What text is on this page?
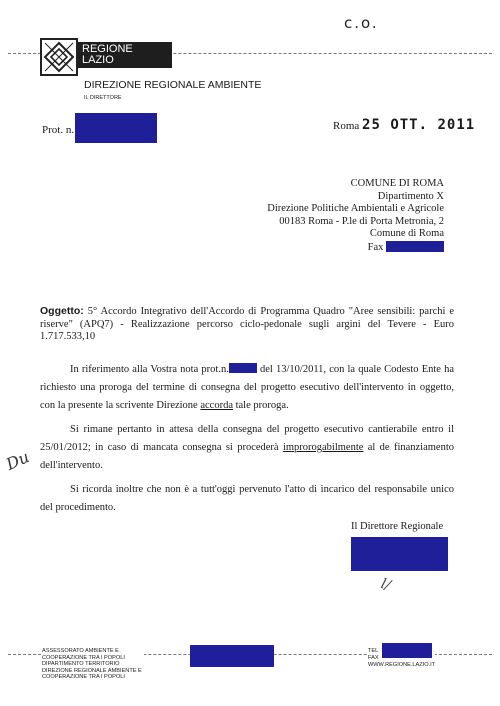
c.o.
REGIONE
LAZIO
DIREZIONE REGIONALE AMBIENTE
IL DIRETTORE
Prot. n.	Roma 25 OTT. 2011
COMUNE DI ROMA
Dipartimento X
Direzione Politiche Ambientali e Agricole
00183 Roma - P.le di Porta Metronia, 2
Comune di Roma
Fax
Oggetto: 5° Accordo Integrativo dell'Accordo di Programma Quadro "Aree sensibili: parchi e riserve" (APQ7) - Realizzazione percorso ciclo-pedonale sugli argini del Tevere - Euro 1.717.533,10

In riferimento alla Vostra nota prot.n.	del 13/10/2011, con la quale Codesto Ente ha richiesto una proroga del termine di consegna del progetto esecutivo dell'intervento in oggetto, con la presente la scrivente Direzione accorda tale proroga.

Si rimane pertanto in attesa della consegna del progetto esecutivo cantierabile entro il 25/01/2012; in caso di mancata consegna si procederà improrogabilmente al de finanziamento dell'intervento.

Si ricorda inoltre che non è a tutt'oggi pervenuto l'atto di incarico del responsabile unico del procedimento.

Du
Il Direttore Regionale
l/
ASSESSORATO AMBIENTE E
COOPERAZIONE TRA I POPOLI
DIPARTIMENTO TERRITORIO
DIREZIONE REGIONALE AMBIENTE E
COOPERAZIONE TRA I POPOLI
TEL
FAX
WWW.REGIONE.LAZIO.IT
